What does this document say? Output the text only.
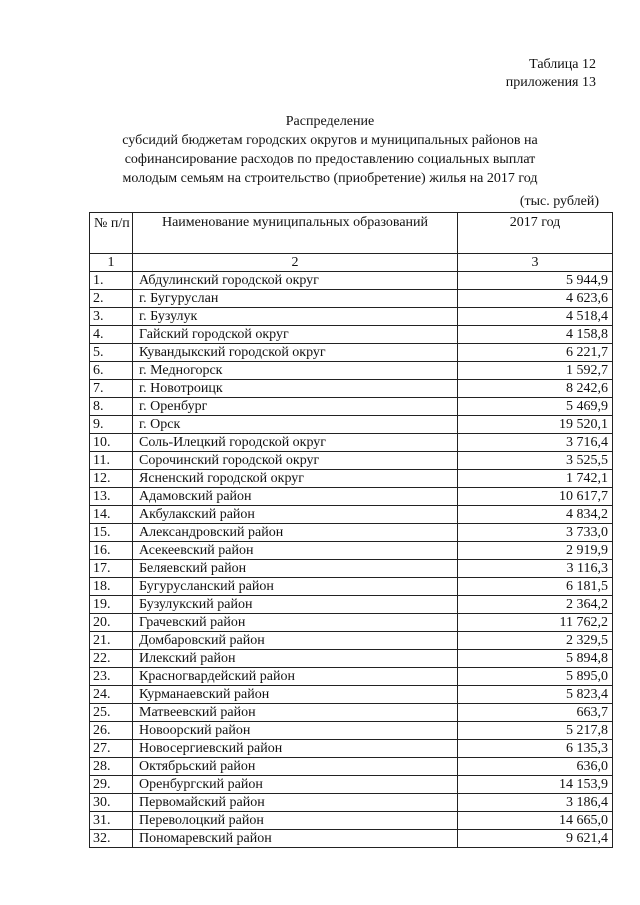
Таблица 12
приложения 13
Распределение
субсидий бюджетам городских округов и муниципальных районов на
софинансирование расходов по предоставлению социальных выплат
молодым семьям на строительство (приобретение) жилья на 2017 год
(тыс. рублей)
№ п/п	Наименование муниципальных образований	2017 год
1	2	3
1.	Абдулинский городской округ	5 944,9
2.	г. Бугуруслан	4 623,6
3.	г. Бузулук	4 518,4
4.	Гайский городской округ	4 158,8
5.	Кувандыкский городской округ	6 221,7
6.	г. Медногорск	1 592,7
7.	г. Новотроицк	8 242,6
8.	г. Оренбург	5 469,9
9.	г. Орск	19 520,1
10.	Соль-Илецкий городской округ	3 716,4
11.	Сорочинский городской округ	3 525,5
12.	Ясненский городской округ	1 742,1
13.	Адамовский район	10 617,7
14.	Акбулакский район	4 834,2
15.	Александровский район	3 733,0
16.	Асекеевский район	2 919,9
17.	Беляевский район	3 116,3
18.	Бугурусланский район	6 181,5
19.	Бузулукский район	2 364,2
20.	Грачевский район	11 762,2
21.	Домбаровский район	2 329,5
22.	Илекский район	5 894,8
23.	Красногвардейский район	5 895,0
24.	Курманаевский район	5 823,4
25.	Матвеевский район	663,7
26.	Новоорский район	5 217,8
27.	Новосергиевский район	6 135,3
28.	Октябрьский район	636,0
29.	Оренбургский район	14 153,9
30.	Первомайский район	3 186,4
31.	Переволоцкий район	14 665,0
32.	Пономаревский район	9 621,4
